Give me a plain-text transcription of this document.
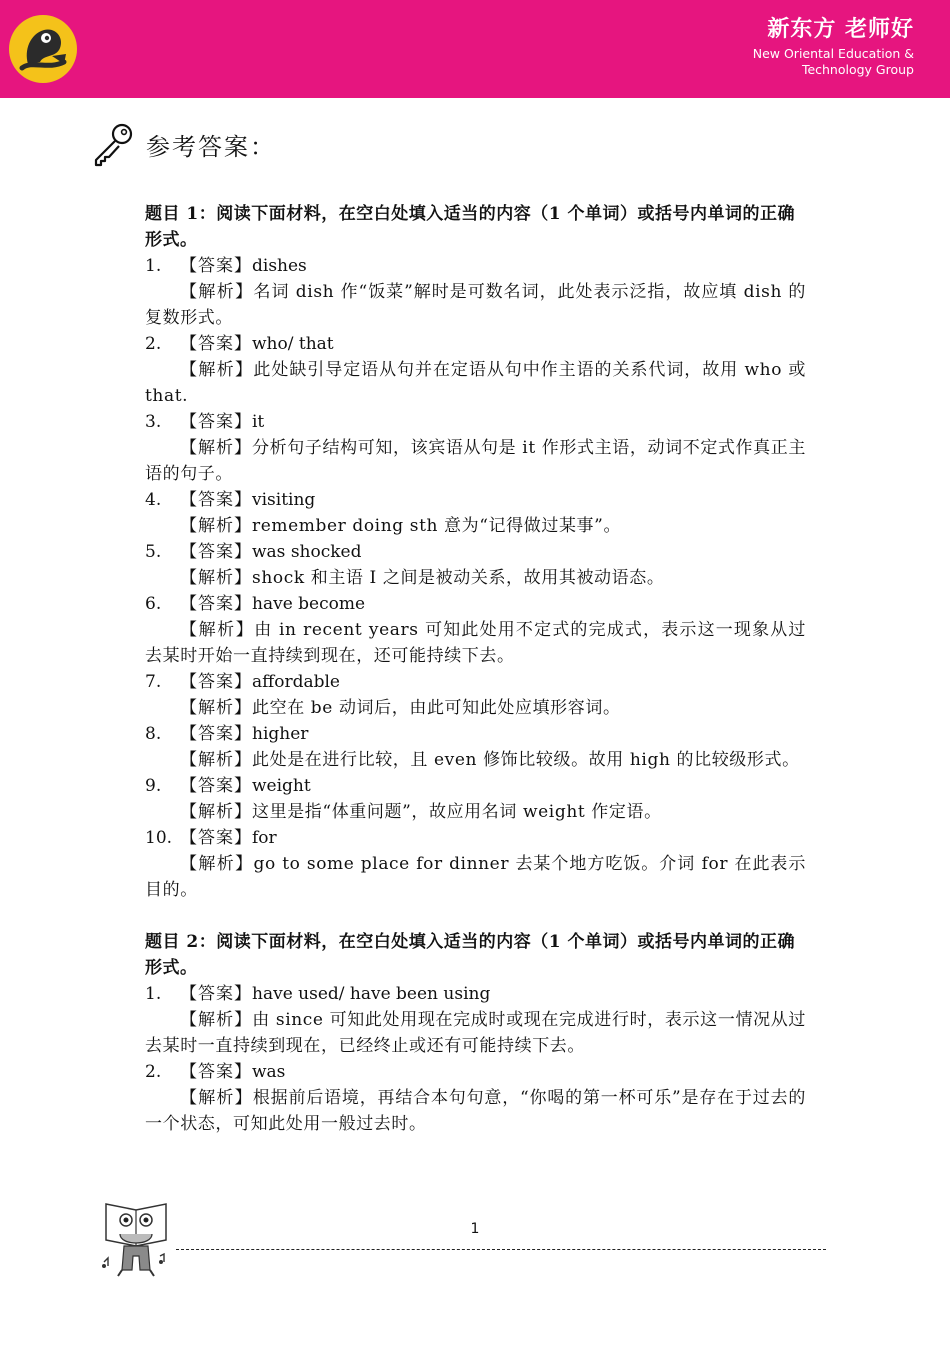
新东方 老师好
New Oriental Education &
Technology Group
参考答案：
题目 1：阅读下面材料，在空白处填入适当的内容（1 个单词）或括号内单词的正确形式。
1.	【答案】 dishes
【解析】名词 dish 作“饭菜”解时是可数名词，此处表示泛指，故应填 dish 的复数形式。
2.	【答案】 who/ that
【解析】此处缺引导定语从句并在定语从句中作主语的关系代词，故用 who 或 that.
3.	【答案】 it
【解析】分析句子结构可知，该宾语从句是 it 作形式主语，动词不定式作真正主语的句子。
4.	【答案】 visiting
【解析】remember doing sth 意为“记得做过某事”。
5.	【答案】 was shocked
【解析】shock 和主语 I 之间是被动关系，故用其被动语态。
6.	【答案】 have become
【解析】由 in recent years 可知此处用不定式的完成式，表示这一现象从过去某时开始一直持续到现在，还可能持续下去。
7.	【答案】 affordable
【解析】此空在 be 动词后，由此可知此处应填形容词。
8.	【答案】 higher
【解析】此处是在进行比较，且 even 修饰比较级。故用 high 的比较级形式。
9.	【答案】 weight
【解析】这里是指“体重问题”，故应用名词 weight 作定语。
10. 【答案】 for
【解析】go to some place for dinner 去某个地方吃饭。介词 for 在此表示目的。
题目 2：阅读下面材料，在空白处填入适当的内容（1 个单词）或括号内单词的正确形式。
1.	【答案】 have used/ have been using
【解析】由 since 可知此处用现在完成时或现在完成进行时，表示这一情况从过去某时一直持续到现在，已经终止或还有可能持续下去。
2.	【答案】 was
【解析】根据前后语境，再结合本句句意，“你喝的第一杯可乐”是存在于过去的一个状态，可知此处用一般过去时。
1
